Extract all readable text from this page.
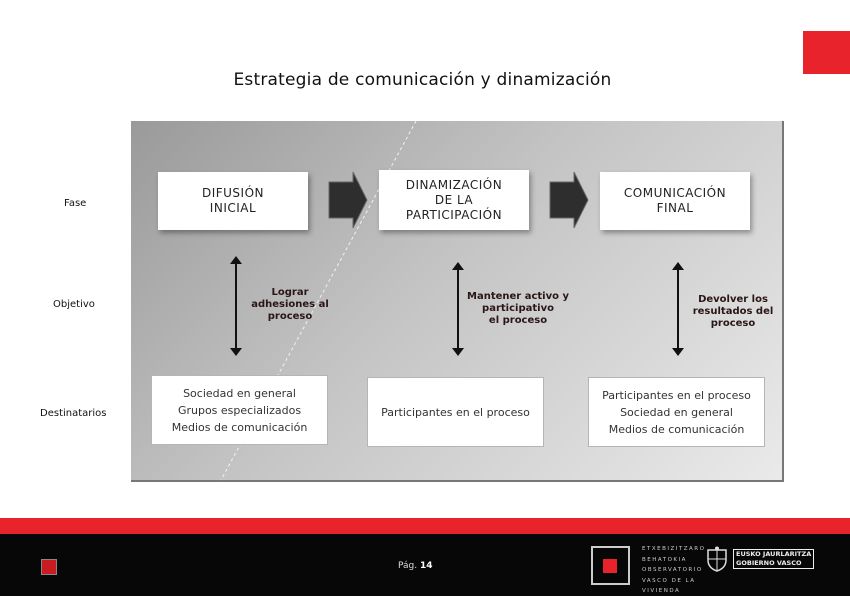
Estrategia de comunicación y dinamización
Fase
Objetivo
Destinatarios
DIFUSIÓN
INICIAL
DINAMIZACIÓN
DE LA
PARTICIPACIÓN
COMUNICACIÓN
FINAL
Lograr
adhesiones al
proceso
Mantener activo y
participativo
el proceso
Devolver los
resultados del
proceso
Sociedad en general
Grupos especializados
Medios de comunicación
Participantes en el proceso
Participantes en el proceso
Sociedad en general
Medios de comunicación
Pág. 14
ETXEBIZITZARO
BEHATOKIA
OBSERVATORIO
VASCO DE LA
VIVIENDA
EUSKO JAURLARITZA
GOBIERNO VASCO
